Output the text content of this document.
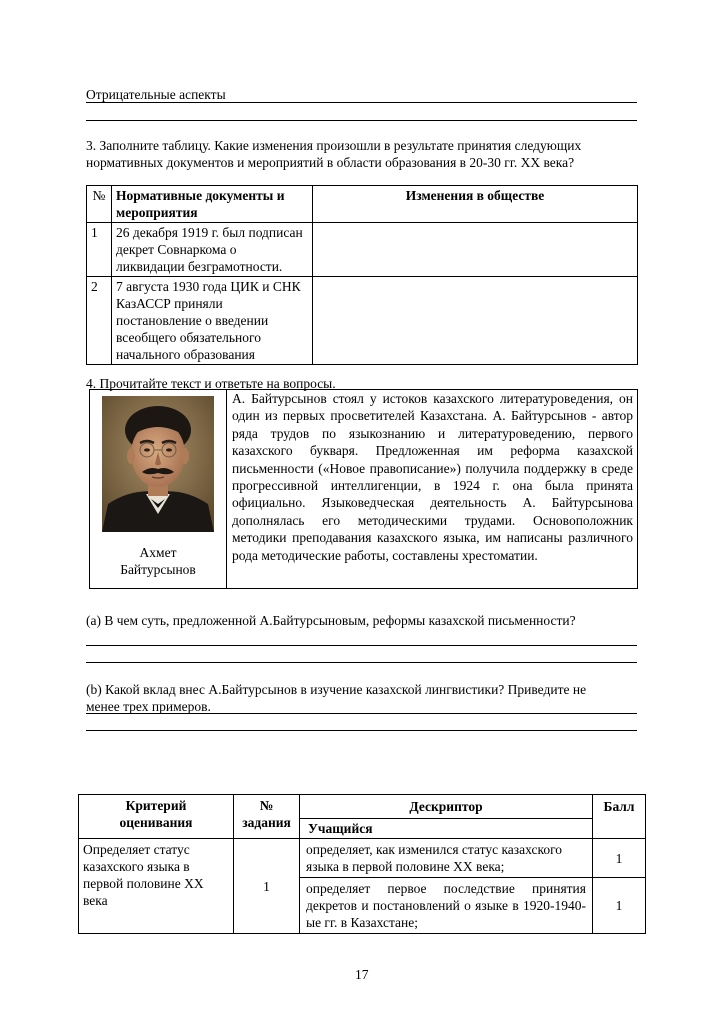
Отрицательные аспекты
3. Заполните таблицу. Какие изменения произошли в результате принятия следующих
нормативных документов и мероприятий в области образования в 20-30 гг. ХХ века?
№	Нормативные документы и мероприятия	Изменения в обществе
1	26 декабря 1919 г. был подписан декрет Совнаркома о ликвидации безграмотности.	
2	7 августа 1930 года ЦИК и СНК КазАССР приняли постановление о введении всеобщего обязательного начального образования	
4. Прочитайте текст и ответьте на вопросы.
Ахмет Байтурсынов
	А. Байтурсынов стоял у истоков казахского литературоведения, он один из первых просветителей Казахстана. А. Байтурсынов - автор ряда трудов по языкознанию и литературоведению, первого казахского букваря. Предложенная им реформа казахской письменности («Новое правописание») получила поддержку в среде прогрессивной интеллигенции, в 1924 г. она была принята официально. Языковедческая деятельность А. Байтурсынова дополнялась его методическими трудами. Основоположник методики преподавания казахского языка, им написаны различного рода методические работы, составлены хрестоматии.
(а) В чем суть, предложенной А.Байтурсыновым, реформы казахской письменности?
(b) Какой вклад внес А.Байтурсынов в изучение казахской лингвистики? Приведите не
менее трех примеров.
Критерий оценивания	№ задания	Дескриптор	Балл
		Учащийся	
Определяет статус казахского языка в первой половине ХХ века	1	определяет, как изменился статус казахского языка в первой половине ХХ века;	1
		определяет первое последствие принятия декретов и постановлений о языке в 1920-1940-ые гг. в Казахстане;	1
17
